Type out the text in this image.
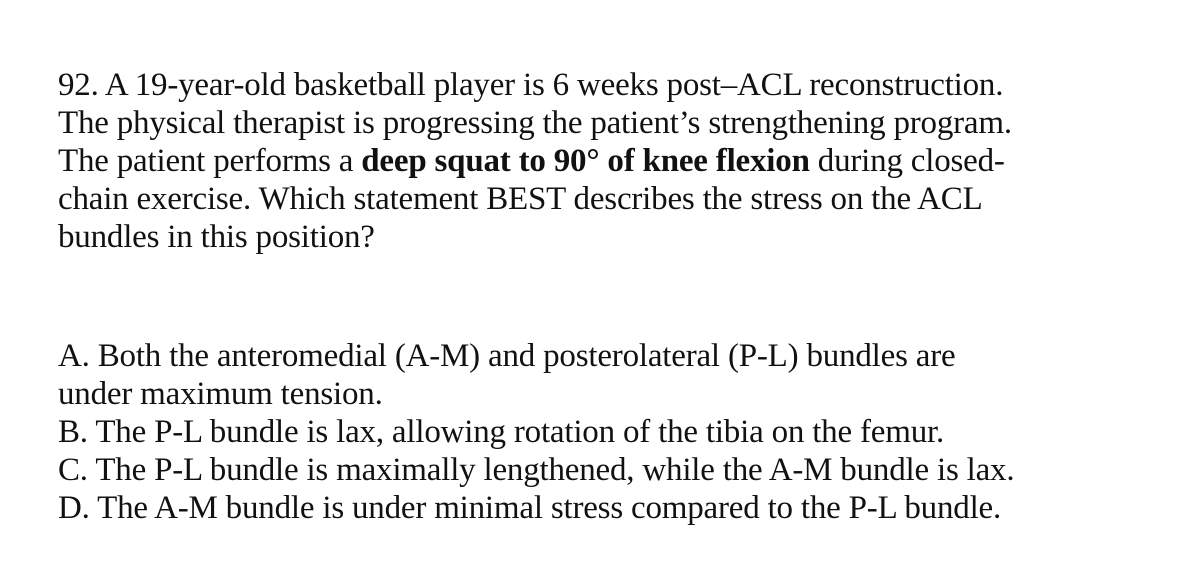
92. A 19-year-old basketball player is 6 weeks post–ACL reconstruction.
The physical therapist is progressing the patient’s strengthening program.
The patient performs a deep squat to 90° of knee flexion during closed-
chain exercise. Which statement BEST describes the stress on the ACL
bundles in this position?
A. Both the anteromedial (A-M) and posterolateral (P-L) bundles are
under maximum tension.
B. The P-L bundle is lax, allowing rotation of the tibia on the femur.
C. The P-L bundle is maximally lengthened, while the A-M bundle is lax.
D. The A-M bundle is under minimal stress compared to the P-L bundle.
